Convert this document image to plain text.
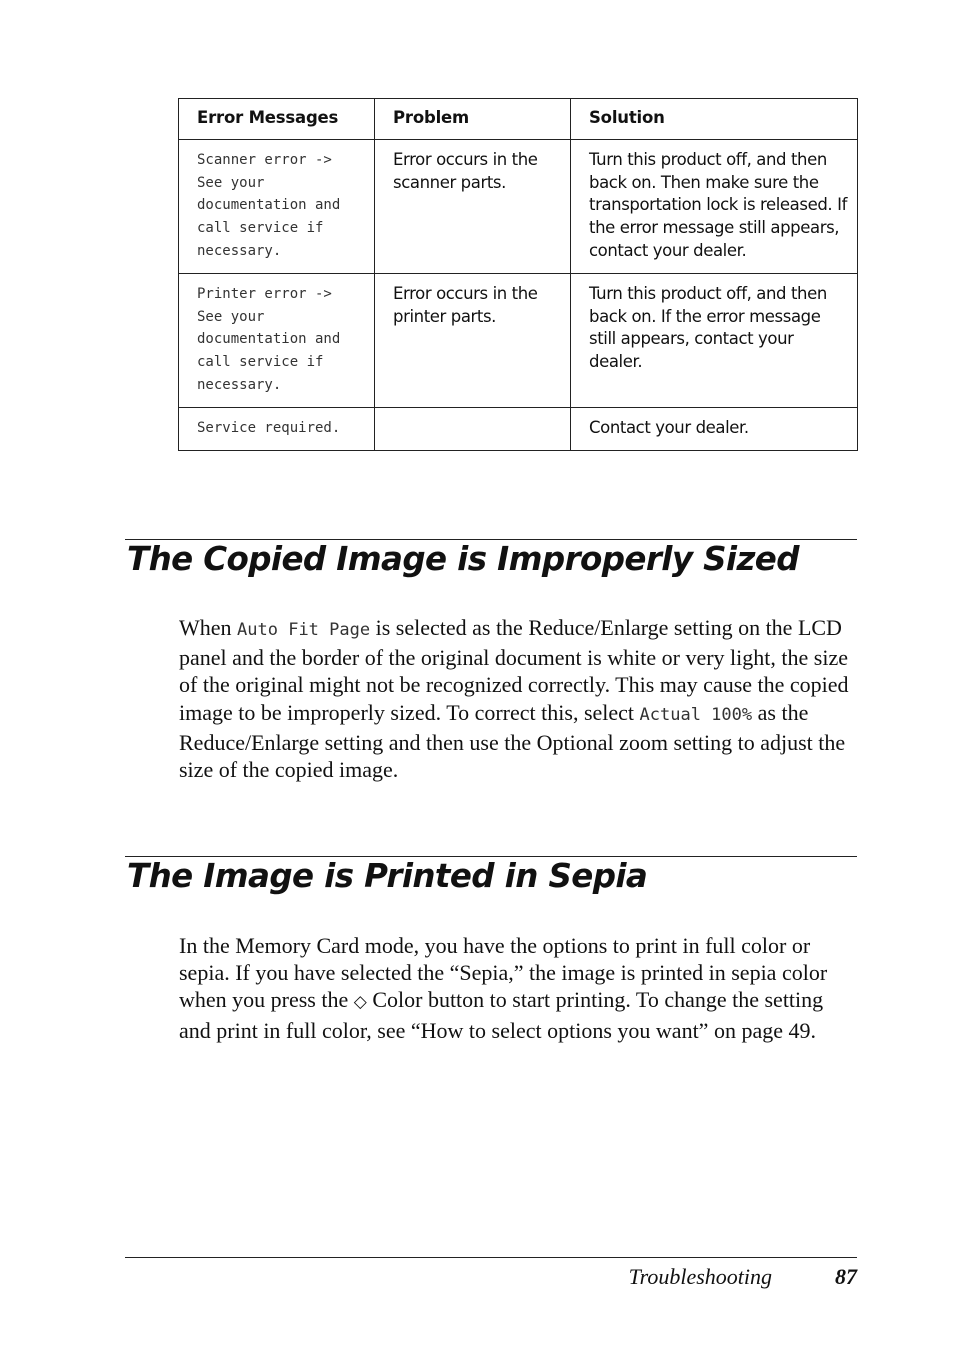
Error Messages	Problem	Solution
Scanner error ->
See your
documentation and
call service if
necessary.	Error occurs in the scanner parts.	Turn this product off, and then back on. Then make sure the transportation lock is released. If the error message still appears, contact your dealer.
Printer error ->
See your
documentation and
call service if
necessary.	Error occurs in the printer parts.	Turn this product off, and then back on. If the error message still appears, contact your dealer.
Service required.		Contact your dealer.
The Copied Image is Improperly Sized

When Auto Fit Page is selected as the Reduce/Enlarge setting on the LCD panel and the border of the original document is white or very light, the size of the original might not be recognized correctly. This may cause the copied image to be improperly sized. To correct this, select Actual 100% as the Reduce/Enlarge setting and then use the Optional zoom setting to adjust the size of the copied image.

The Image is Printed in Sepia

In the Memory Card mode, you have the options to print in full color or sepia. If you have selected the “Sepia,” the image is printed in sepia color when you press the ◇ Color button to start printing. To change the setting and print in full color, see “How to select options you want” on page 49.

Troubleshooting	87
